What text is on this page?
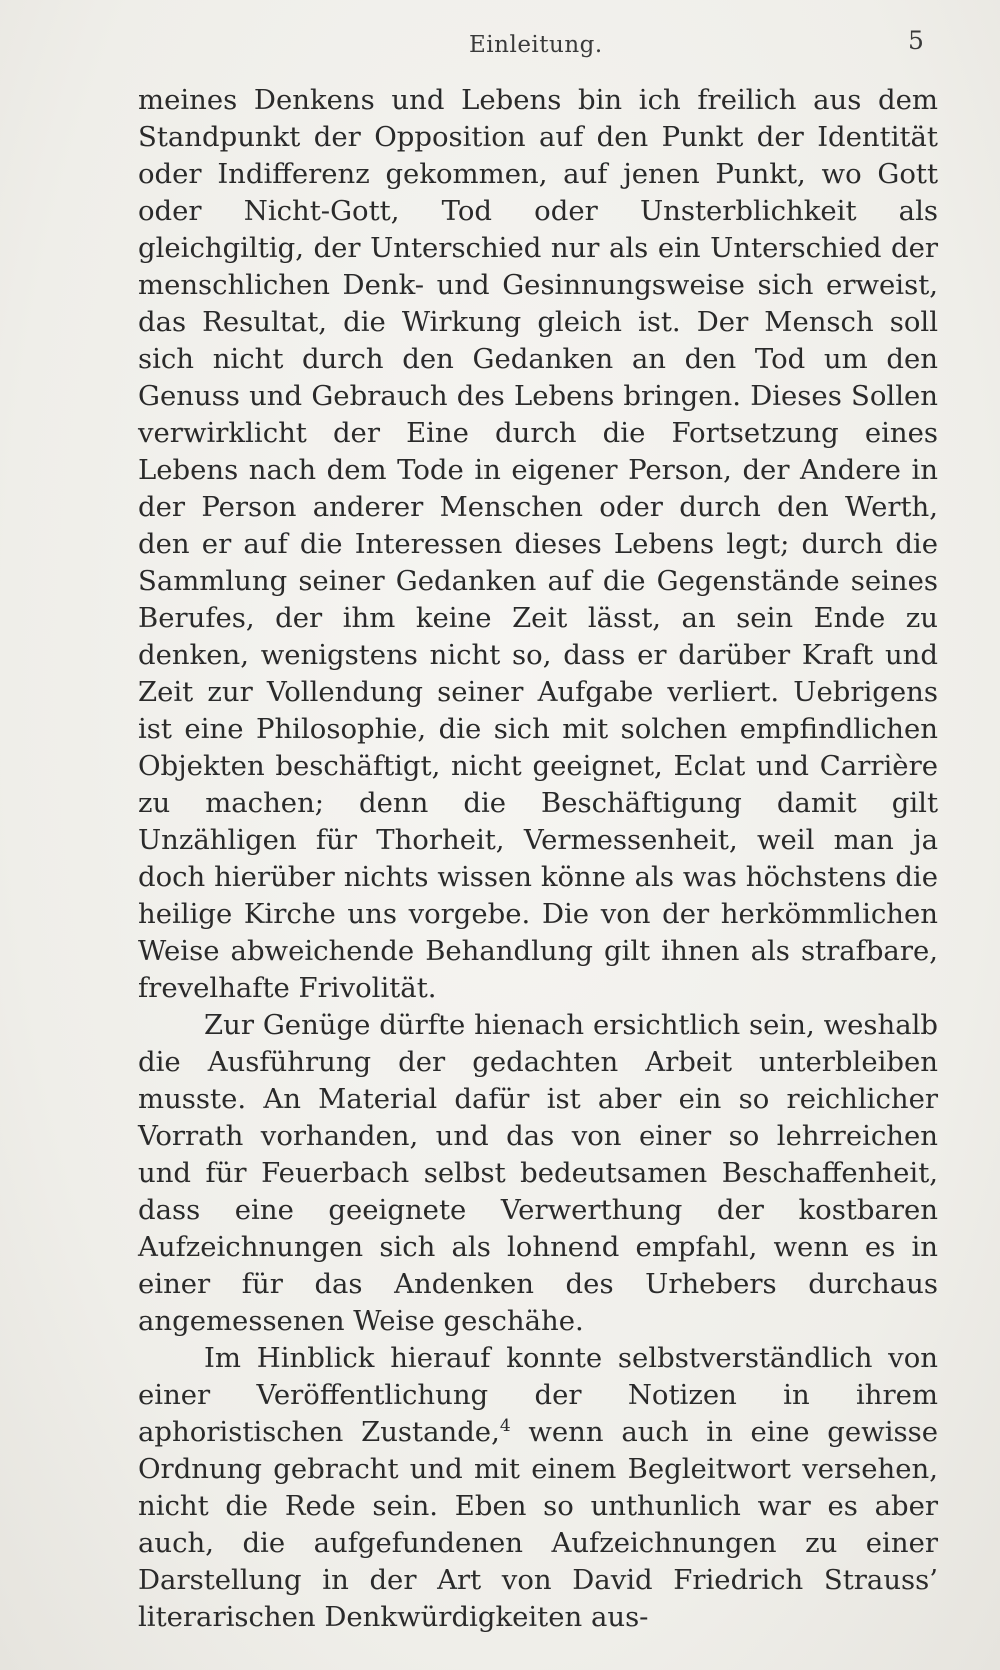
Einleitung.	5

meines Denkens und Lebens bin ich freilich aus dem Standpunkt der Opposition auf den Punkt der Identität oder Indifferenz gekommen, auf jenen Punkt, wo Gott oder Nicht-Gott, Tod oder Unsterblichkeit als gleichgiltig, der Unterschied nur als ein Unterschied der menschlichen Denk- und Gesinnungsweise sich erweist, das Resultat, die Wirkung gleich ist. Der Mensch soll sich nicht durch den Gedanken an den Tod um den Genuss und Gebrauch des Lebens bringen. Dieses Sollen verwirklicht der Eine durch die Fortsetzung eines Lebens nach dem Tode in eigener Person, der Andere in der Person anderer Menschen oder durch den Werth, den er auf die Interessen dieses Lebens legt; durch die Sammlung seiner Gedanken auf die Gegenstände seines Berufes, der ihm keine Zeit lässt, an sein Ende zu denken, wenigstens nicht so, dass er darüber Kraft und Zeit zur Vollendung seiner Aufgabe verliert. Uebrigens ist eine Philosophie, die sich mit solchen empfindlichen Objekten beschäftigt, nicht geeignet, Eclat und Carrière zu machen; denn die Beschäftigung damit gilt Unzähligen für Thorheit, Vermessenheit, weil man ja doch hierüber nichts wissen könne als was höchstens die heilige Kirche uns vorgebe. Die von der herkömmlichen Weise abweichende Behandlung gilt ihnen als strafbare, frevelhafte Frivolität.

Zur Genüge dürfte hienach ersichtlich sein, weshalb die Ausführung der gedachten Arbeit unterbleiben musste. An Material dafür ist aber ein so reichlicher Vorrath vorhanden, und das von einer so lehrreichen und für Feuerbach selbst bedeutsamen Beschaffenheit, dass eine geeignete Verwerthung der kostbaren Aufzeichnungen sich als lohnend empfahl, wenn es in einer für das Andenken des Urhebers durchaus angemessenen Weise geschähe.

Im Hinblick hierauf konnte selbstverständlich von einer Veröffentlichung der Notizen in ihrem aphoristischen Zustande,$^4$ wenn auch in eine gewisse Ordnung gebracht und mit einem Begleitwort versehen, nicht die Rede sein. Eben so unthunlich war es aber auch, die aufgefundenen Aufzeichnungen zu einer Darstellung in der Art von David Friedrich Strauss’ literarischen Denkwürdigkeiten aus-
